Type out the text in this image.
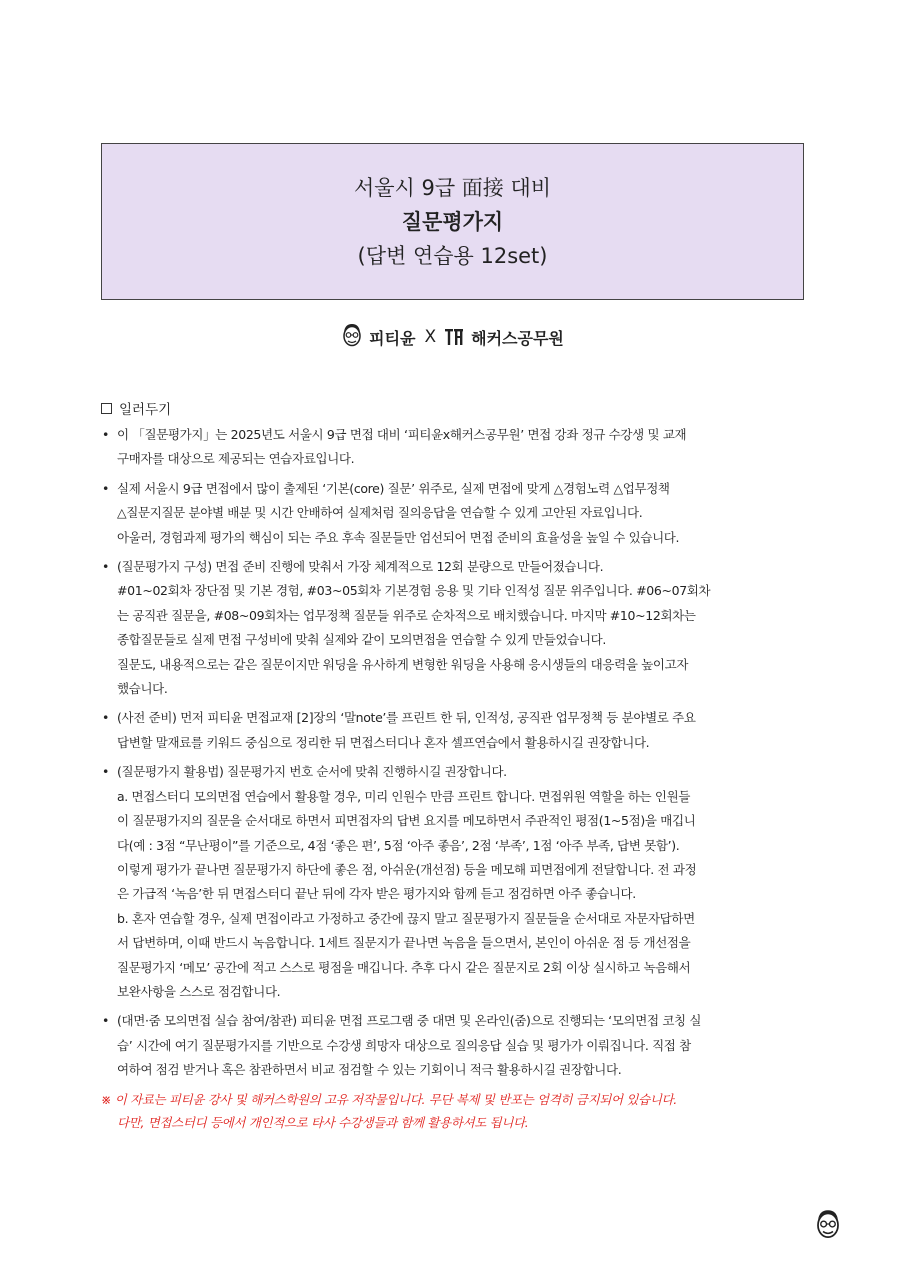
서울시 9급 面接 대비
질문평가지
(답변 연습용 12set)
피티윤 X 해커스공무원
일러두기
• 이 「질문평가지」는 2025년도 서울시 9급 면접 대비 ‘피티윤x해커스공무원’ 면접 강좌 정규 수강생 및 교재

구매자를 대상으로 제공되는 연습자료입니다.

• 실제 서울시 9급 면접에서 많이 출제된 ‘기본(core) 질문’ 위주로, 실제 면접에 맞게 △경험노력 △업무정책

△질문지질문 분야별 배분 및 시간 안배하여 실제처럼 질의응답을 연습할 수 있게 고안된 자료입니다.

아울러, 경험과제 평가의 핵심이 되는 주요 후속 질문들만 엄선되어 면접 준비의 효율성을 높일 수 있습니다.

• (질문평가지 구성) 면접 준비 진행에 맞춰서 가장 체계적으로 12회 분량으로 만들어졌습니다.

#01~02회차 장단점 및 기본 경험, #03~05회차 기본경험 응용 및 기타 인적성 질문 위주입니다. #06~07회차

는 공직관 질문을, #08~09회차는 업무정책 질문들 위주로 순차적으로 배치했습니다. 마지막 #10~12회차는

종합질문들로 실제 면접 구성비에 맞춰 실제와 같이 모의면접을 연습할 수 있게 만들었습니다.

질문도, 내용적으로는 같은 질문이지만 워딩을 유사하게 변형한 워딩을 사용해 응시생들의 대응력을 높이고자

했습니다.

• (사전 준비) 먼저 피티윤 면접교재 [2]장의 ‘말note’를 프린트 한 뒤, 인적성, 공직관 업무정책 등 분야별로 주요

답변할 말재료를 키워드 중심으로 정리한 뒤 면접스터디나 혼자 셀프연습에서 활용하시길 권장합니다.

• (질문평가지 활용법) 질문평가지 번호 순서에 맞춰 진행하시길 권장합니다.

a. 면접스터디 모의면접 연습에서 활용할 경우, 미리 인원수 만큼 프린트 합니다. 면접위원 역할을 하는 인원들

이 질문평가지의 질문을 순서대로 하면서 피면접자의 답변 요지를 메모하면서 주관적인 평점(1~5점)을 매깁니

다(예 : 3점 “무난평이”를 기준으로, 4점 ‘좋은 편’, 5점 ‘아주 좋음’, 2점 ‘부족’, 1점 ‘아주 부족, 답변 못함’).

이렇게 평가가 끝나면 질문평가지 하단에 좋은 점, 아쉬운(개선점) 등을 메모해 피면접에게 전달합니다. 전 과정

은 가급적 ‘녹음’한 뒤 면접스터디 끝난 뒤에 각자 받은 평가지와 함께 듣고 점검하면 아주 좋습니다.

b. 혼자 연습할 경우, 실제 면접이라고 가정하고 중간에 끊지 말고 질문평가지 질문들을 순서대로 자문자답하면

서 답변하며, 이때 반드시 녹음합니다. 1세트 질문지가 끝나면 녹음을 들으면서, 본인이 아쉬운 점 등 개선점을

질문평가지 ‘메모’ 공간에 적고 스스로 평점을 매깁니다. 추후 다시 같은 질문지로 2회 이상 실시하고 녹음해서

보완사항을 스스로 점검합니다.

• (대면·줌 모의면접 실습 참여/참관) 피티윤 면접 프로그램 중 대면 및 온라인(줌)으로 진행되는 ‘모의면접 코칭 실

습’ 시간에 여기 질문평가지를 기반으로 수강생 희망자 대상으로 질의응답 실습 및 평가가 이뤄집니다. 직접 참

여하여 점검 받거나 혹은 참관하면서 비교 점검할 수 있는 기회이니 적극 활용하시길 권장합니다.

※ 이 자료는 피티윤 강사 및 해커스학원의 고유 저작물입니다. 무단 복제 및 반포는 엄격히 금지되어 있습니다.

다만, 면접스터디 등에서 개인적으로 타사 수강생들과 함께 활용하셔도 됩니다.
